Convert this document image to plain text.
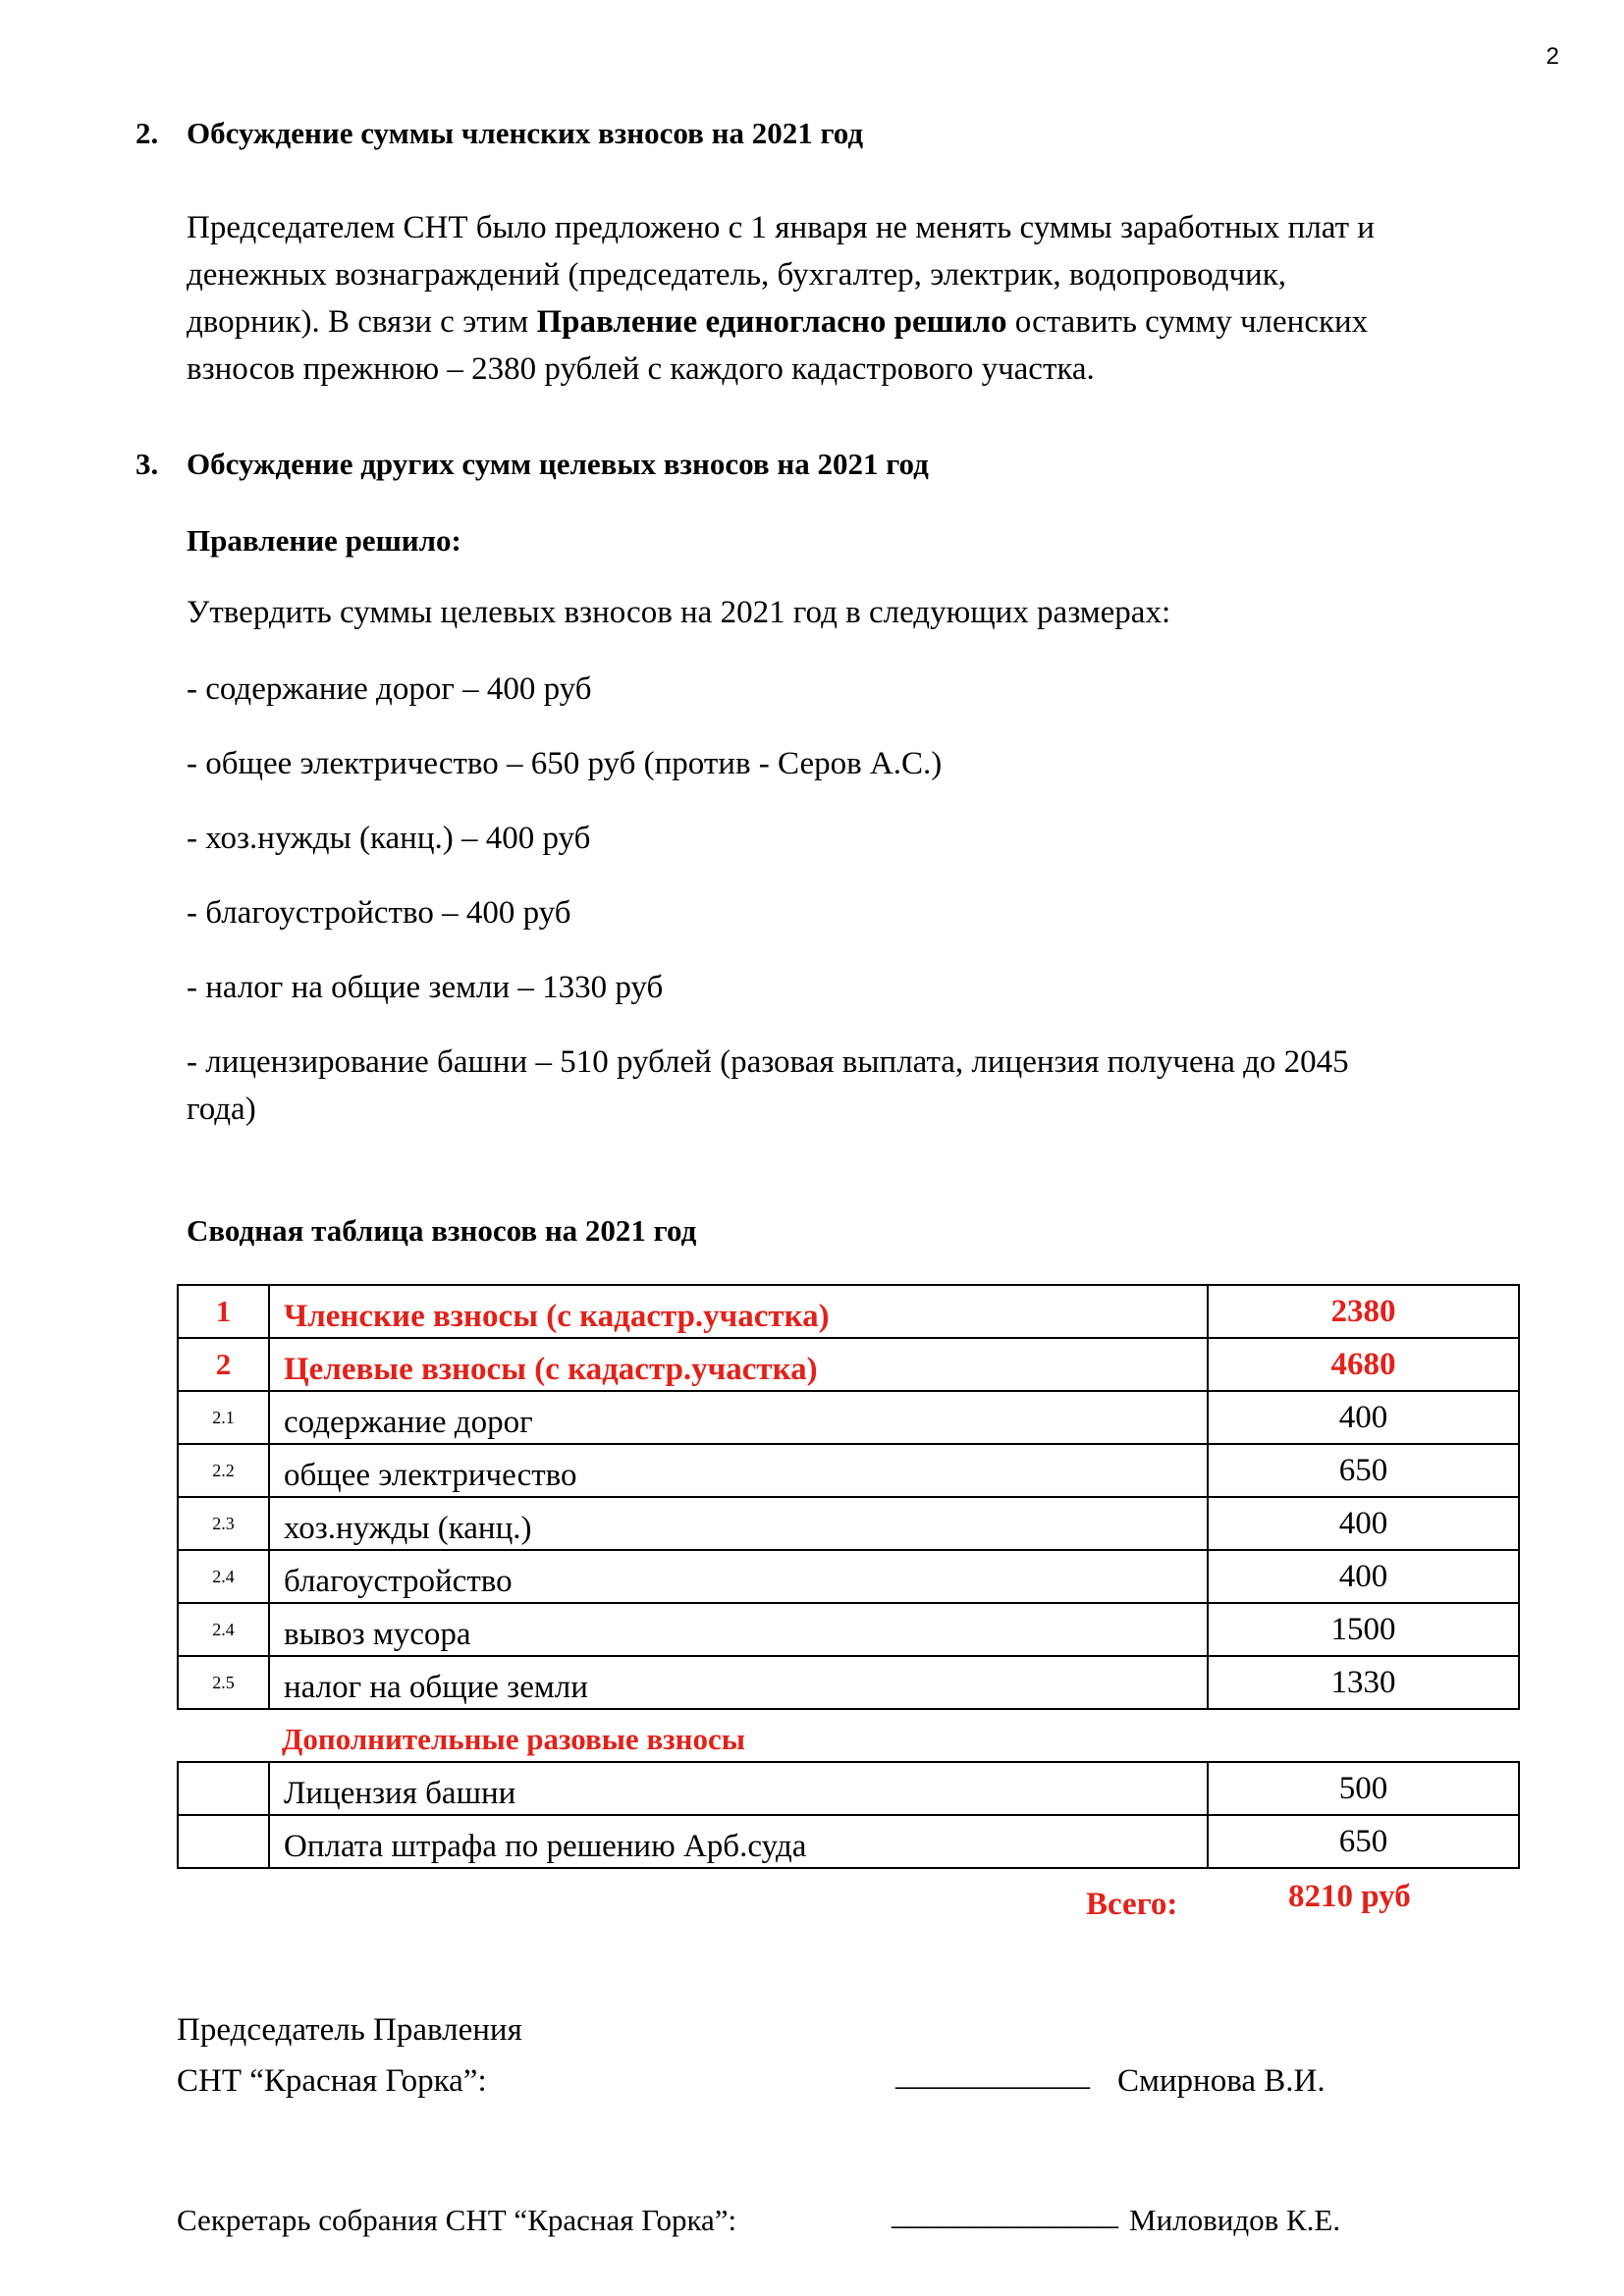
2
2. Обсуждение суммы членских взносов на 2021 год
Председателем СНТ было предложено с 1 января не менять суммы заработных плат и
денежных вознаграждений (председатель, бухгалтер, электрик, водопроводчик,
дворник). В связи с этим Правление единогласно решило оставить сумму членских
взносов прежнюю – 2380 рублей с каждого кадастрового участка.
3. Обсуждение других сумм целевых взносов на 2021 год
Правление решило:
Утвердить суммы целевых взносов на 2021 год в следующих размерах:
- содержание дорог – 400 руб
- общее электричество – 650 руб (против - Серов А.С.)
- хоз.нужды (канц.) – 400 руб
- благоустройство – 400 руб
- налог на общие земли – 1330 руб
- лицензирование башни – 510 рублей (разовая выплата, лицензия получена до 2045
года)
Сводная таблица взносов на 2021 год
1	Членские взносы (с кадастр.участка)	2380
2	Целевые взносы (с кадастр.участка)	4680
2.1	содержание дорог	400
2.2	общее электричество	650
2.3	хоз.нужды (канц.)	400
2.4	благоустройство	400
2.4	вывоз мусора	1500
2.5	налог на общие земли	1330
Дополнительные разовые взносы
	Лицензия башни	500
	Оплата штрафа по решению Арб.суда	650
Всего:	8210 руб
Председатель Правления
СНТ “Красная Горка”:	____________ Смирнова В.И.
Секретарь собрания СНТ “Красная Горка”:	______________ Миловидов К.Е.
